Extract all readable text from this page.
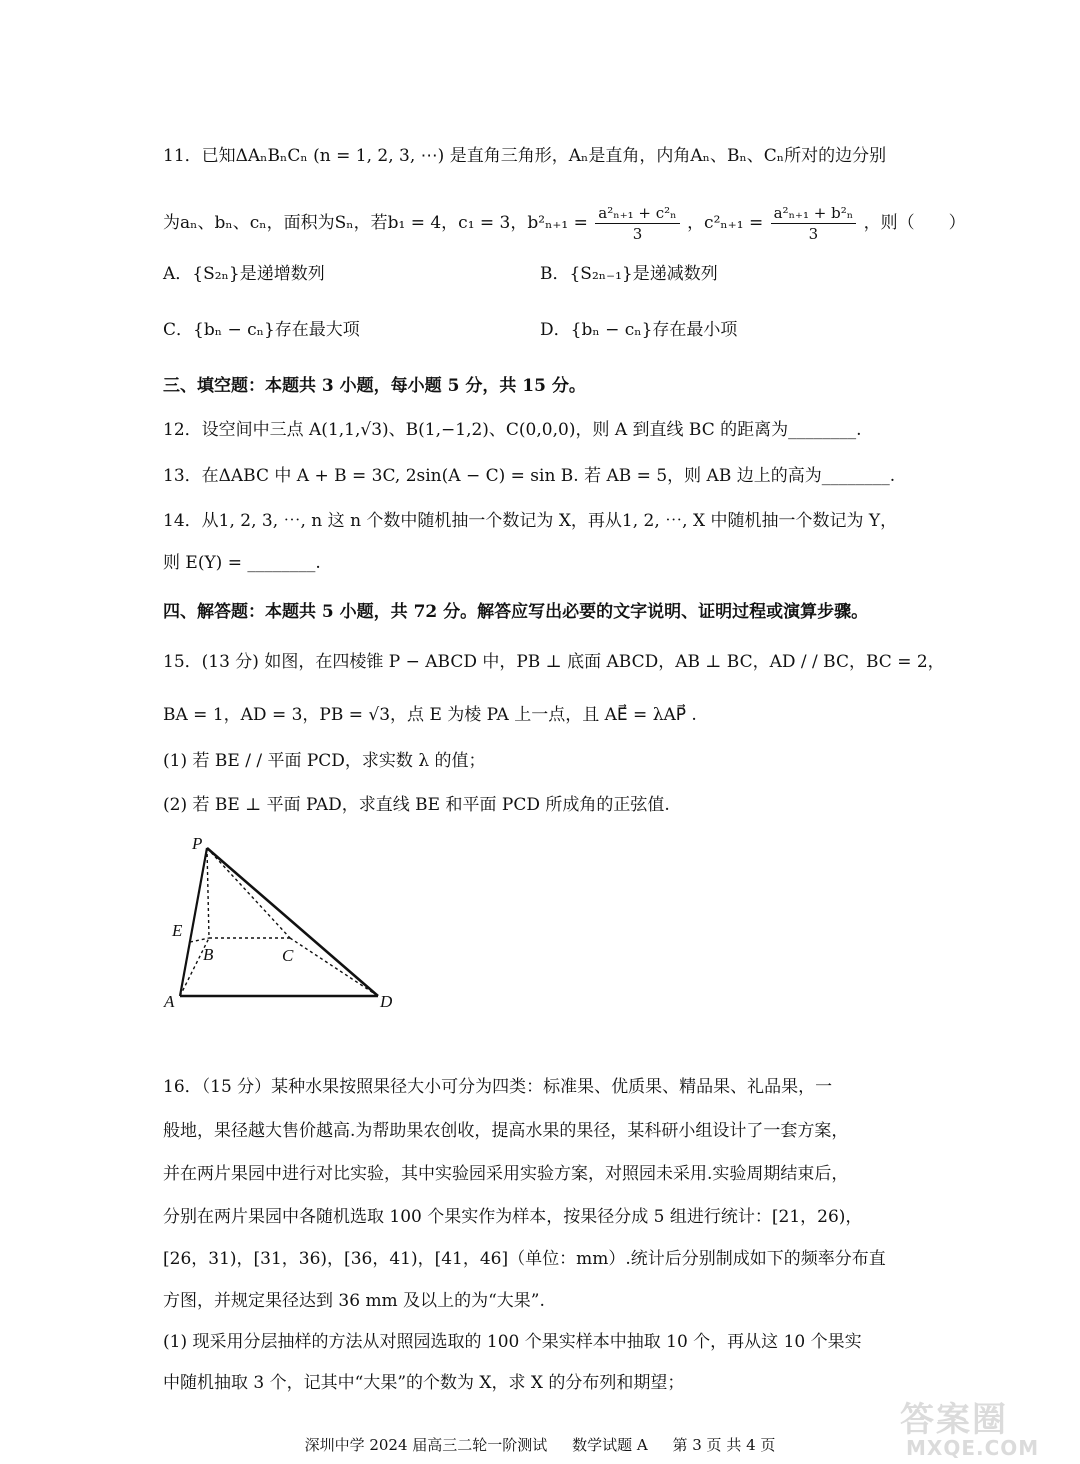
11．已知ΔAₙBₙCₙ (n = 1, 2, 3, ⋯) 是直角三角形，Aₙ是直角，内角Aₙ、Bₙ、Cₙ所对的边分别
为aₙ、bₙ、cₙ，面积为Sₙ，若b₁ = 4，c₁ = 3，$b^2_{n+1} = \frac{\text{a²ₙ₊₁ + c²ₙ}}{3}$ ，$c^2_{n+1} = \frac{\text{a²ₙ₊₁ + b²ₙ}}{3}$ ，则（　　）
A．{S₂ₙ}是递增数列	B．{S₂ₙ₋₁}是递减数列
C．{bₙ − cₙ}存在最大项	D．{bₙ − cₙ}存在最小项
三、填空题：本题共 3 小题，每小题 5 分，共 15 分。
12．设空间中三点 A(1,1,√3)、B(1,−1,2)、C(0,0,0)，则 A 到直线 BC 的距离为________.
13．在ΔABC 中 A + B = 3C, 2sin(A − C) = sin B. 若 AB = 5，则 AB 边上的高为________.
14．从1, 2, 3, ⋯, n 这 n 个数中随机抽一个数记为 X，再从1, 2, ⋯, X 中随机抽一个数记为 Y，
则 E(Y) = ________.
四、解答题：本题共 5 小题，共 72 分。解答应写出必要的文字说明、证明过程或演算步骤。
15．(13 分) 如图，在四棱锥 P − ABCD 中，PB ⊥ 底面 ABCD，AB ⊥ BC，AD / / BC，BC = 2，
BA = 1，AD = 3，PB = √3，点 E 为棱 PA 上一点，且 AE⃗ = λAP⃗ .
(1) 若 BE / / 平面 PCD，求实数 λ 的值；
(2) 若 BE ⊥ 平面 PAD，求直线 BE 和平面 PCD 所成角的正弦值.
P
E
B	C
A	D
16．（15 分）某种水果按照果径大小可分为四类：标准果、优质果、精品果、礼品果，一
般地，果径越大售价越高.为帮助果农创收，提高水果的果径，某科研小组设计了一套方案，
并在两片果园中进行对比实验，其中实验园采用实验方案，对照园未采用.实验周期结束后，
分别在两片果园中各随机选取 100 个果实作为样本，按果径分成 5 组进行统计：[21，26)，
[26，31)，[31，36)，[36，41)，[41，46]（单位：mm）.统计后分别制成如下的频率分布直
方图，并规定果径达到 36 mm 及以上的为“大果”.
(1) 现采用分层抽样的方法从对照园选取的 100 个果实样本中抽取 10 个，再从这 10 个果实
中随机抽取 3 个，记其中“大果”的个数为 X，求 X 的分布列和期望；
深圳中学 2024 届高三二轮一阶测试 数学试题 A 第 3 页 共 4 页
答案圈
MXQE.COM
